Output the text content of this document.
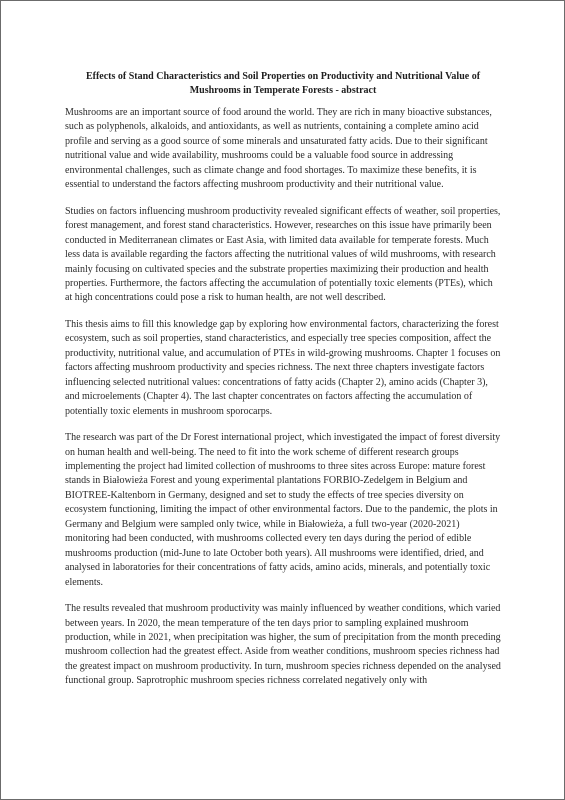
Effects of Stand Characteristics and Soil Properties on Productivity and Nutritional Value of Mushrooms in Temperate Forests - abstract

Mushrooms are an important source of food around the world. They are rich in many bioactive substances, such as polyphenols, alkaloids, and antioxidants, as well as nutrients, containing a complete amino acid profile and serving as a good source of some minerals and unsaturated fatty acids. Due to their significant nutritional value and wide availability, mushrooms could be a valuable food source in addressing environmental challenges, such as climate change and food shortages. To maximize these benefits, it is essential to understand the factors affecting mushroom productivity and their nutritional value.

Studies on factors influencing mushroom productivity revealed significant effects of weather, soil properties, forest management, and forest stand characteristics. However, researches on this issue have primarily been conducted in Mediterranean climates or East Asia, with limited data available for temperate forests. Much less data is available regarding the factors affecting the nutritional values of wild mushrooms, with research mainly focusing on cultivated species and the substrate properties maximizing their production and health properties. Furthermore, the factors affecting the accumulation of potentially toxic elements (PTEs), which at high concentrations could pose a risk to human health, are not well described.

This thesis aims to fill this knowledge gap by exploring how environmental factors, characterizing the forest ecosystem, such as soil properties, stand characteristics, and especially tree species composition, affect the productivity, nutritional value, and accumulation of PTEs in wild-growing mushrooms. Chapter 1 focuses on factors affecting mushroom productivity and species richness. The next three chapters investigate factors influencing selected nutritional values: concentrations of fatty acids (Chapter 2), amino acids (Chapter 3), and microelements (Chapter 4). The last chapter concentrates on factors affecting the accumulation of potentially toxic elements in mushroom sporocarps.

The research was part of the Dr Forest international project, which investigated the impact of forest diversity on human health and well-being. The need to fit into the work scheme of different research groups implementing the project had limited collection of mushrooms to three sites across Europe: mature forest stands in Białowieża Forest and young experimental plantations FORBIO-Zedelgem in Belgium and BIOTREE-Kaltenborn in Germany, designed and set to study the effects of tree species diversity on ecosystem functioning, limiting the impact of other environmental factors. Due to the pandemic, the plots in Germany and Belgium were sampled only twice, while in Białowieża, a full two-year (2020-2021) monitoring had been conducted, with mushrooms collected every ten days during the period of edible mushrooms production (mid-June to late October both years). All mushrooms were identified, dried, and analysed in laboratories for their concentrations of fatty acids, amino acids, minerals, and potentially toxic elements.

The results revealed that mushroom productivity was mainly influenced by weather conditions, which varied between years. In 2020, the mean temperature of the ten days prior to sampling explained mushroom production, while in 2021, when precipitation was higher, the sum of precipitation from the month preceding mushroom collection had the greatest effect. Aside from weather conditions, mushroom species richness had the greatest impact on mushroom productivity. In turn, mushroom species richness depended on the analysed functional group. Saprotrophic mushroom species richness correlated negatively only with
